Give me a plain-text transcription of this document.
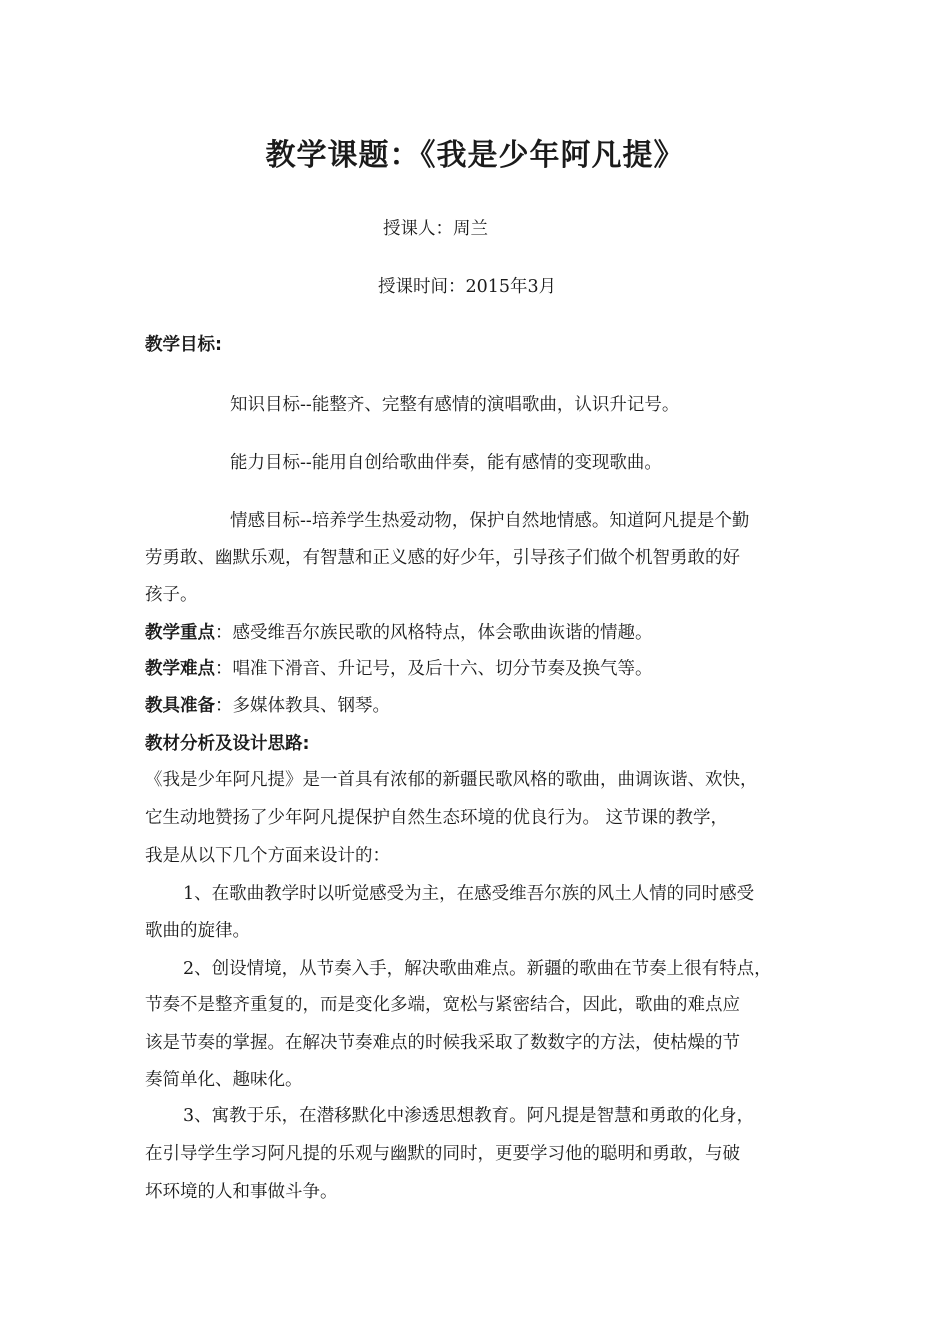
教学课题：《我是少年阿凡提》
授课人：周兰
授课时间：2015年3月
教学目标:
知识目标--能整齐、完整有感情的演唱歌曲，认识升记号。
能力目标--能用自创给歌曲伴奏，能有感情的变现歌曲。
情感目标--培养学生热爱动物，保护自然地情感。知道阿凡提是个勤
劳勇敢、幽默乐观，有智慧和正义感的好少年，引导孩子们做个机智勇敢的好
孩子。
教学重点：感受维吾尔族民歌的风格特点，体会歌曲诙谐的情趣。
教学难点：唱准下滑音、升记号，及后十六、切分节奏及换气等。
教具准备：多媒体教具、钢琴。
教材分析及设计思路:
《我是少年阿凡提》是一首具有浓郁的新疆民歌风格的歌曲，曲调诙谐、欢快，
它生动地赞扬了少年阿凡提保护自然生态环境的优良行为。 这节课的教学，
我是从以下几个方面来设计的：
1、在歌曲教学时以听觉感受为主，在感受维吾尔族的风土人情的同时感受
歌曲的旋律。
2、创设情境，从节奏入手，解决歌曲难点。新疆的歌曲在节奏上很有特点，
节奏不是整齐重复的，而是变化多端，宽松与紧密结合，因此，歌曲的难点应
该是节奏的掌握。在解决节奏难点的时候我采取了数数字的方法，使枯燥的节
奏简单化、趣味化。
3、寓教于乐，在潜移默化中渗透思想教育。阿凡提是智慧和勇敢的化身，
在引导学生学习阿凡提的乐观与幽默的同时，更要学习他的聪明和勇敢，与破
坏环境的人和事做斗争。
